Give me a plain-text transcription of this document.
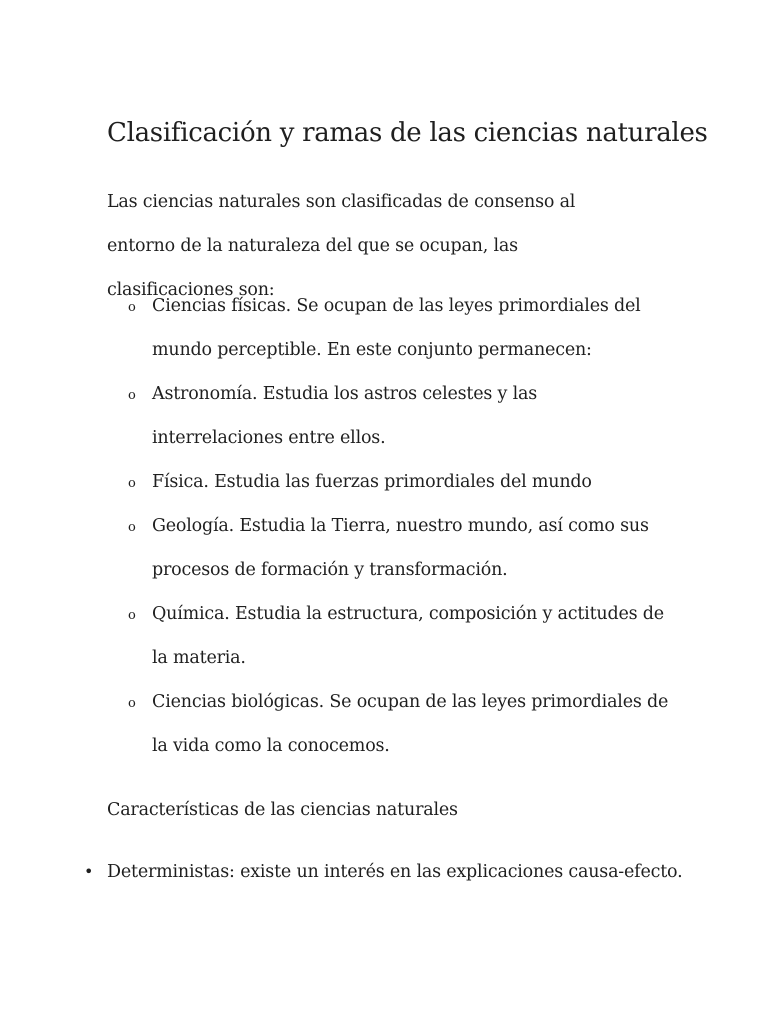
Clasificación y ramas de las ciencias naturales

Las ciencias naturales son clasificadas de consenso al entorno de la naturaleza del que se ocupan, las clasificaciones son:

o Ciencias físicas. Se ocupan de las leyes primordiales del mundo perceptible. En este conjunto permanecen:
o Astronomía. Estudia los astros celestes y las interrelaciones entre ellos.
o Física. Estudia las fuerzas primordiales del mundo
o Geología. Estudia la Tierra, nuestro mundo, así como sus procesos de formación y transformación.
o Química. Estudia la estructura, composición y actitudes de la materia.
o Ciencias biológicas. Se ocupan de las leyes primordiales de la vida como la conocemos.

Características de las ciencias naturales

• Deterministas: existe un interés en las explicaciones causa-efecto.
